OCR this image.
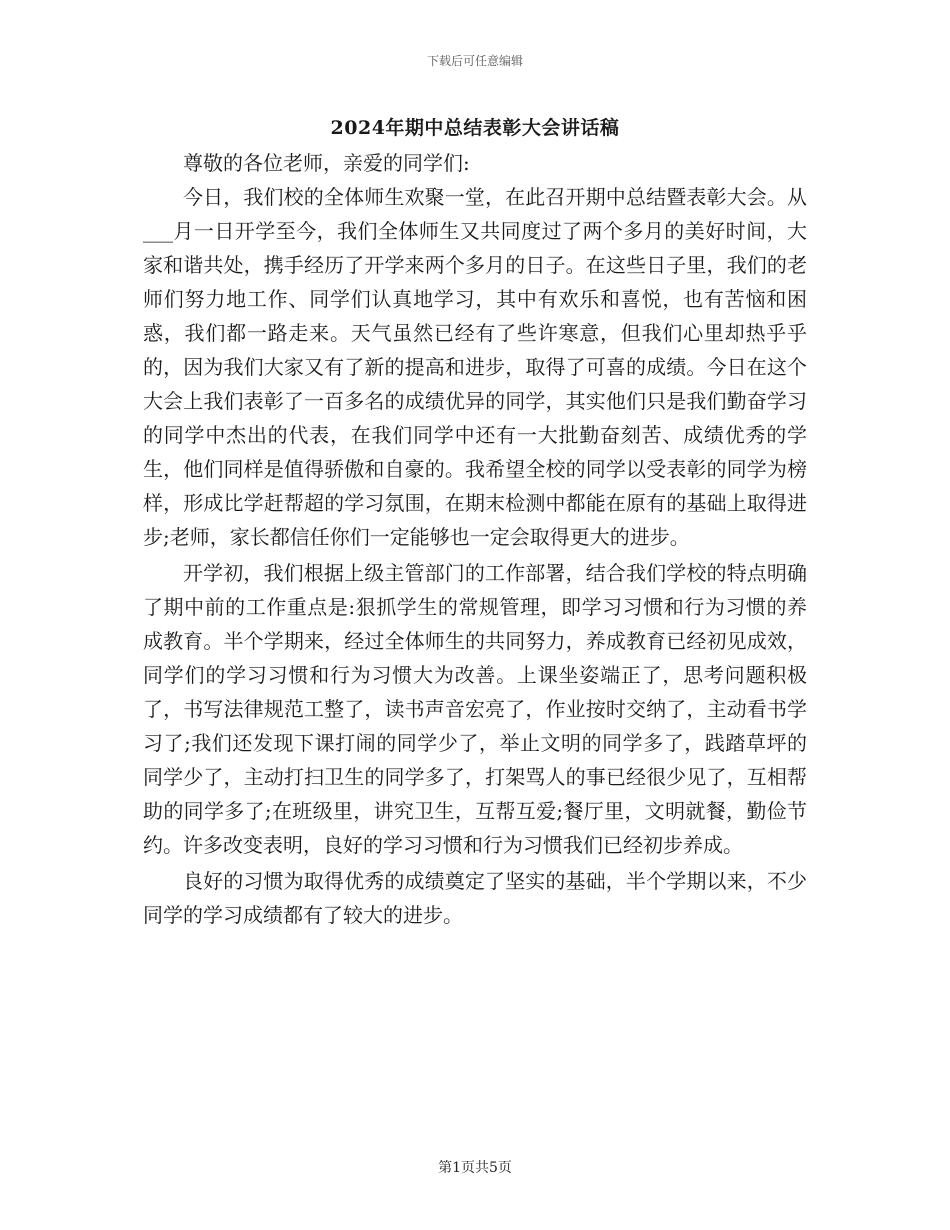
下载后可任意编辑
2024年期中总结表彰大会讲话稿

尊敬的各位老师，亲爱的同学们:

今日，我们校的全体师生欢聚一堂，在此召开期中总结暨表彰大会。从___月一日开学至今，我们全体师生又共同度过了两个多月的美好时间，大家和谐共处，携手经历了开学来两个多月的日子。在这些日子里，我们的老师们努力地工作、同学们认真地学习，其中有欢乐和喜悦，也有苦恼和困惑，我们都一路走来。天气虽然已经有了些许寒意，但我们心里却热乎乎的，因为我们大家又有了新的提高和进步，取得了可喜的成绩。今日在这个大会上我们表彰了一百多名的成绩优异的同学，其实他们只是我们勤奋学习的同学中杰出的代表，在我们同学中还有一大批勤奋刻苦、成绩优秀的学生，他们同样是值得骄傲和自豪的。我希望全校的同学以受表彰的同学为榜样，形成比学赶帮超的学习氛围，在期末检测中都能在原有的基础上取得进步;老师，家长都信任你们一定能够也一定会取得更大的进步。

开学初，我们根据上级主管部门的工作部署，结合我们学校的特点明确了期中前的工作重点是:狠抓学生的常规管理，即学习习惯和行为习惯的养成教育。半个学期来，经过全体师生的共同努力，养成教育已经初见成效，同学们的学习习惯和行为习惯大为改善。上课坐姿端正了，思考问题积极了，书写法律规范工整了，读书声音宏亮了，作业按时交纳了，主动看书学习了;我们还发现下课打闹的同学少了，举止文明的同学多了，践踏草坪的同学少了，主动打扫卫生的同学多了，打架骂人的事已经很少见了，互相帮助的同学多了;在班级里，讲究卫生，互帮互爱;餐厅里，文明就餐，勤俭节约。许多改变表明，良好的学习习惯和行为习惯我们已经初步养成。

良好的习惯为取得优秀的成绩奠定了坚实的基础，半个学期以来，不少同学的学习成绩都有了较大的进步。

第1页共5页
